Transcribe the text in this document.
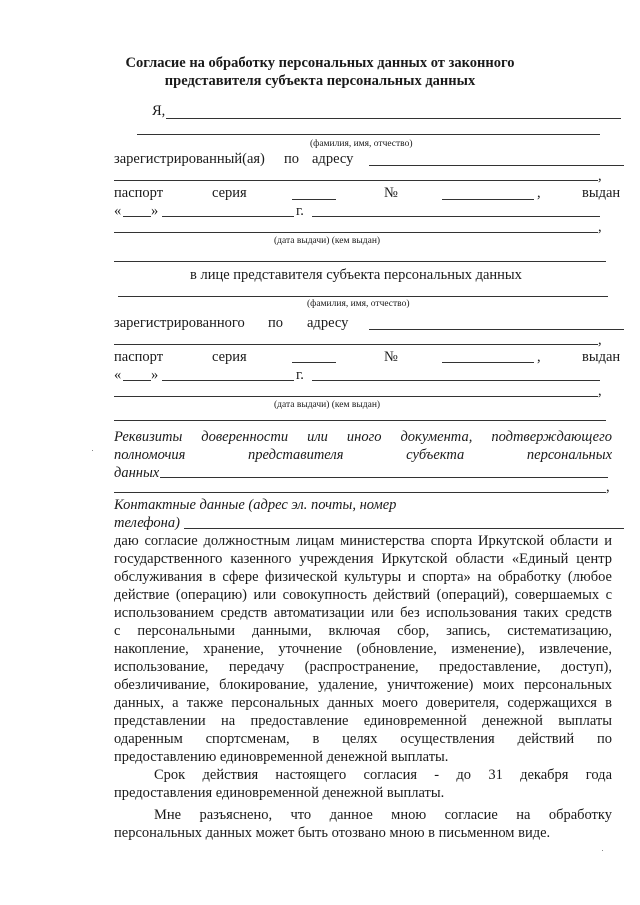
Согласие на обработку персональных данных от законного
представителя субъекта персональных данных
Я,
(фамилия, имя, отчество)
зарегистрированный(ая) по адресу
,
паспорт	серия	№	,	выдан
« »	г.
,
(дата выдачи) (кем выдан)
в лице представителя субъекта персональных данных
(фамилия, имя, отчество)
зарегистрированного по адресу
,
паспорт	серия	№	,	выдан
« »	г.
,
(дата выдачи) (кем выдан)
Реквизиты доверенности или иного документа, подтверждающего
полномочия представителя субъекта персональных
данных
,
Контактные данные (адрес эл. почты, номер
телефона)
даю согласие должностным лицам министерства спорта Иркутской области и
государственного казенного учреждения Иркутской области «Единый центр
обслуживания в сфере физической культуры и спорта» на обработку (любое
действие (операцию) или совокупность действий (операций), совершаемых с
использованием средств автоматизации или без использования таких средств
с персональными данными, включая сбор, запись, систематизацию,
накопление, хранение, уточнение (обновление, изменение), извлечение,
использование, передачу (распространение, предоставление, доступ),
обезличивание, блокирование, удаление, уничтожение) моих персональных
данных, а также персональных данных моего доверителя, содержащихся в
представлении на предоставление единовременной денежной выплаты
одаренным спортсменам, в целях осуществления действий по
предоставлению единовременной денежной выплаты.
Срок действия настоящего согласия - до 31 декабря года
предоставления единовременной денежной выплаты.
Мне разъяснено, что данное мною согласие на обработку
персональных данных может быть отозвано мною в письменном виде.
